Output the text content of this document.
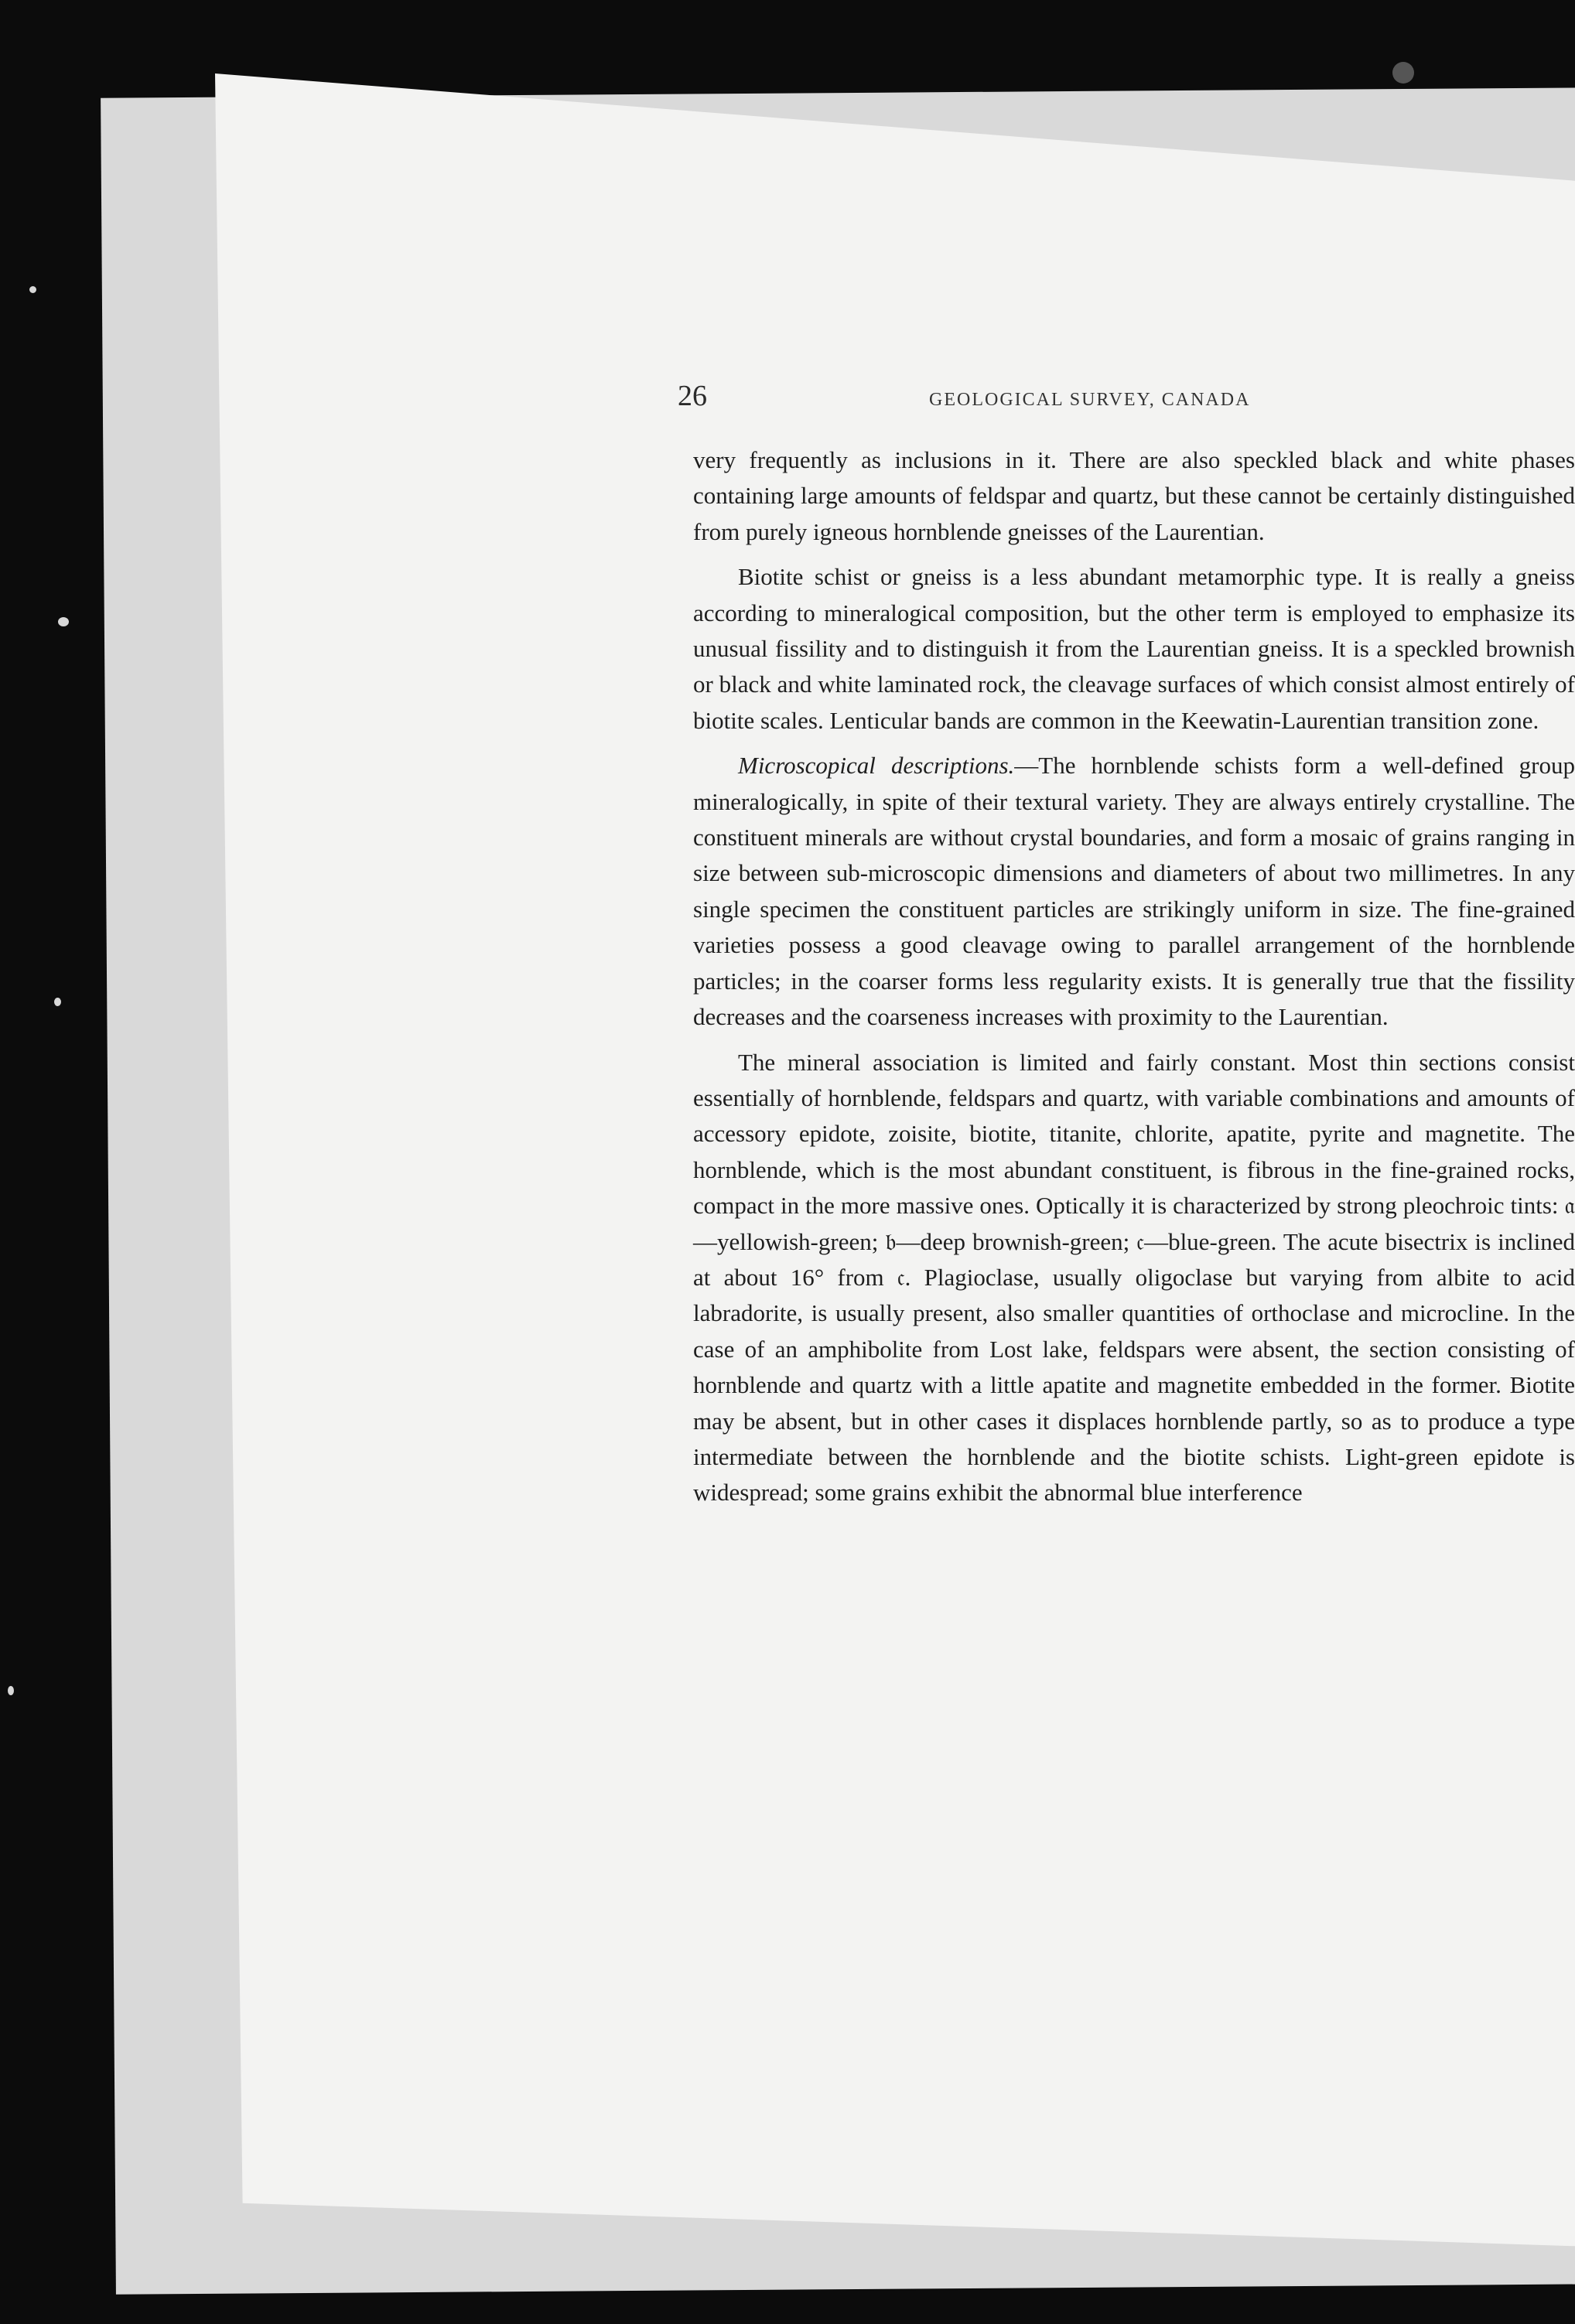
26	GEOLOGICAL SURVEY, CANADA

very frequently as inclusions in it. There are also speckled black and white phases containing large amounts of feldspar and quartz, but these cannot be certainly distinguished from purely igneous hornblende gneisses of the Laurentian.

Biotite schist or gneiss is a less abundant metamorphic type. It is really a gneiss according to mineralogical composition, but the other term is employed to emphasize its unusual fissility and to distinguish it from the Laurentian gneiss. It is a speckled brownish or black and white laminated rock, the cleavage surfaces of which consist almost entirely of biotite scales. Lenticular bands are common in the Keewatin-Laurentian transition zone.

Microscopical descriptions.—The hornblende schists form a well-defined group mineralogically, in spite of their textural variety. They are always entirely crystalline. The constituent minerals are without crystal boundaries, and form a mosaic of grains ranging in size between sub-microscopic dimensions and diameters of about two millimetres. In any single specimen the constituent particles are strikingly uniform in size. The fine-grained varieties possess a good cleavage owing to parallel arrangement of the hornblende particles; in the coarser forms less regularity exists. It is generally true that the fissility decreases and the coarseness increases with proximity to the Laurentian.

The mineral association is limited and fairly constant. Most thin sections consist essentially of hornblende, feldspars and quartz, with variable combinations and amounts of accessory epidote, zoisite, biotite, titanite, chlorite, apatite, pyrite and magnetite. The hornblende, which is the most abundant constituent, is fibrous in the fine-grained rocks, compact in the more massive ones. Optically it is characterized by strong pleochroic tints: 𝔞—yellowish-green; 𝔟—deep brownish-green; 𝔠—blue-green. The acute bisectrix is inclined at about 16° from 𝔠. Plagioclase, usually oligoclase but varying from albite to acid labradorite, is usually present, also smaller quantities of orthoclase and microcline. In the case of an amphibolite from Lost lake, feldspars were absent, the section consisting of hornblende and quartz with a little apatite and magnetite embedded in the former. Biotite may be absent, but in other cases it displaces hornblende partly, so as to produce a type intermediate between the hornblende and the biotite schists. Light-green epidote is widespread; some grains exhibit the abnormal blue interference
